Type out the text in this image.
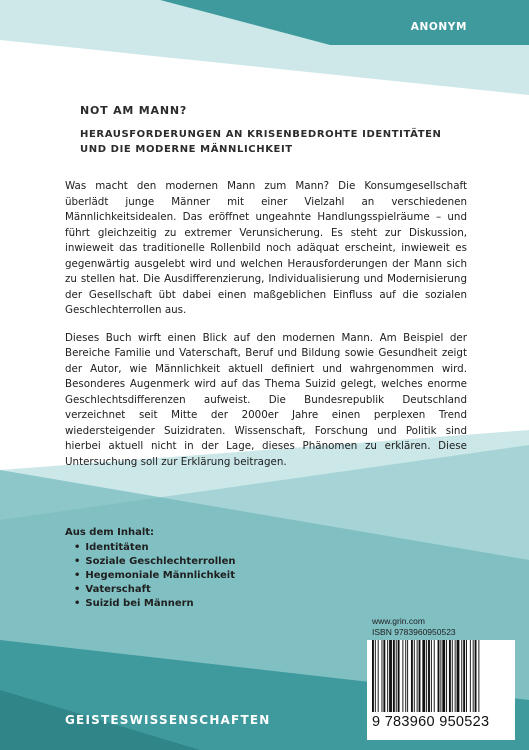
ANONYM
NOT AM MANN?
HERAUSFORDERUNGEN AN KRISENBEDROHTE IDENTITÄTEN
UND DIE MODERNE MÄNNLICHKEIT

Was macht den modernen Mann zum Mann? Die Konsumgesellschaft überlädt junge Männer mit einer Vielzahl an verschiedenen Männlichkeitsidealen. Das eröffnet ungeahnte Handlungsspielräume – und führt gleichzeitig zu extremer Verunsicherung. Es steht zur Diskussion, inwieweit das traditionelle Rollenbild noch adäquat erscheint, inwieweit es gegenwärtig ausgelebt wird und welchen Herausforderungen der Mann sich zu stellen hat. Die Ausdifferenzierung, Individualisierung und Modernisierung der Gesellschaft übt dabei einen maßgeblichen Einfluss auf die sozialen Geschlechterrollen aus.

Dieses Buch wirft einen Blick auf den modernen Mann. Am Beispiel der Bereiche Familie und Vaterschaft, Beruf und Bildung sowie Gesundheit zeigt der Autor, wie Männlichkeit aktuell definiert und wahrgenommen wird. Besonderes Augenmerk wird auf das Thema Suizid gelegt, welches enorme Geschlechtsdifferenzen aufweist. Die Bundesrepublik Deutschland verzeichnet seit Mitte der 2000er Jahre einen perplexen Trend wiedersteigender Suizidraten. Wissenschaft, Forschung und Politik sind hierbei aktuell nicht in der Lage, dieses Phänomen zu erklären. Diese Untersuchung soll zur Erklärung beitragen.

Aus dem Inhalt:
• Identitäten
• Soziale Geschlechterrollen
• Hegemoniale Männlichkeit
• Vaterschaft
• Suizid bei Männern
www.grin.com
ISBN 9783960950523
9 783960 950523
GEISTESWISSENSCHAFTEN
